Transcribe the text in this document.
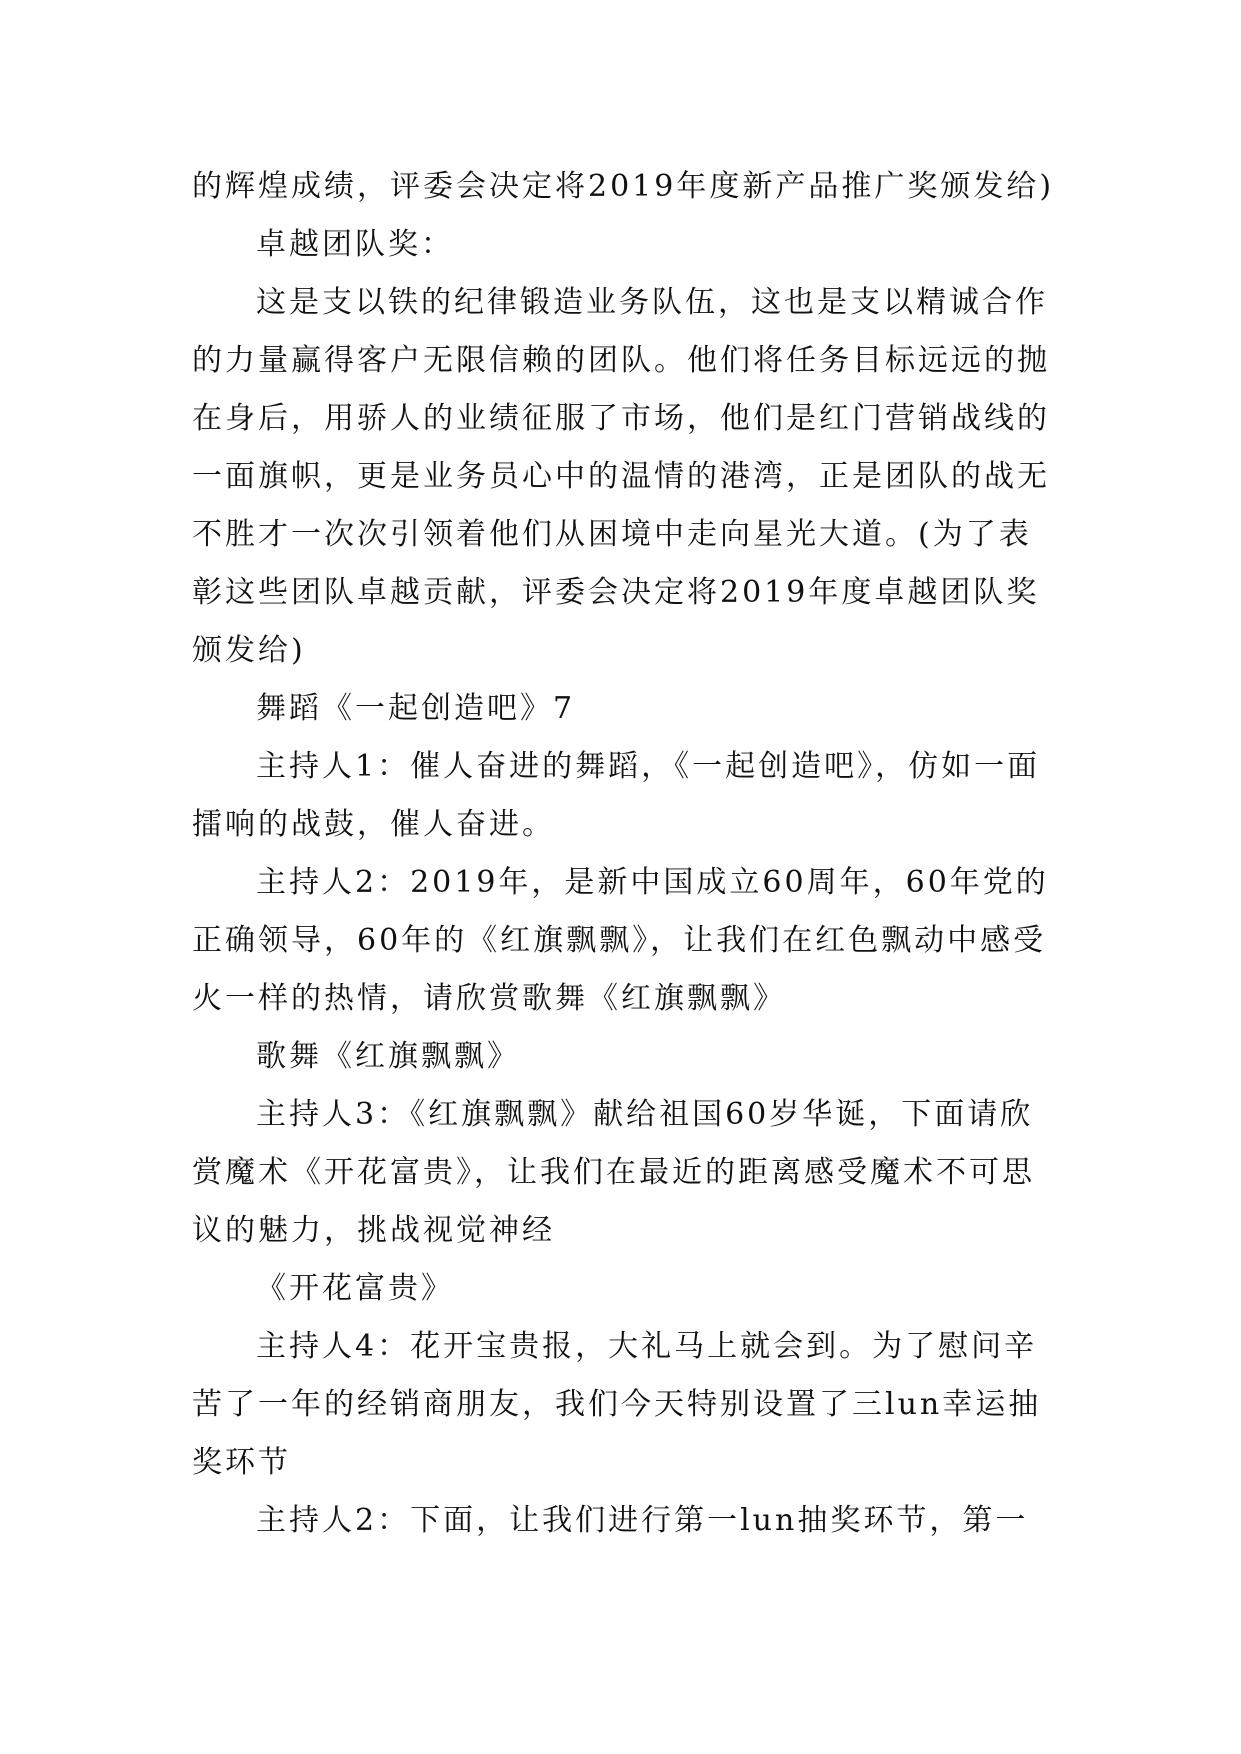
的辉煌成绩，评委会决定将2019年度新产品推广奖颁发给)
卓越团队奖：
这是支以铁的纪律锻造业务队伍，这也是支以精诚合作
的力量赢得客户无限信赖的团队。他们将任务目标远远的抛
在身后，用骄人的业绩征服了市场，他们是红门营销战线的
一面旗帜，更是业务员心中的温情的港湾，正是团队的战无
不胜才一次次引领着他们从困境中走向星光大道。(为了表
彰这些团队卓越贡献，评委会决定将2019年度卓越团队奖
颁发给)
舞蹈《一起创造吧》7
主持人1：催人奋进的舞蹈，《一起创造吧》，仿如一面
擂响的战鼓，催人奋进。
主持人2：2019年，是新中国成立60周年，60年党的
正确领导，60年的《红旗飘飘》，让我们在红色飘动中感受
火一样的热情，请欣赏歌舞《红旗飘飘》
歌舞《红旗飘飘》
主持人3：《红旗飘飘》献给祖国60岁华诞，下面请欣
赏魔术《开花富贵》，让我们在最近的距离感受魔术不可思
议的魅力，挑战视觉神经
《开花富贵》
主持人4：花开宝贵报，大礼马上就会到。为了慰问辛
苦了一年的经销商朋友，我们今天特别设置了三lun幸运抽
奖环节
主持人2：下面，让我们进行第一lun抽奖环节，第一
